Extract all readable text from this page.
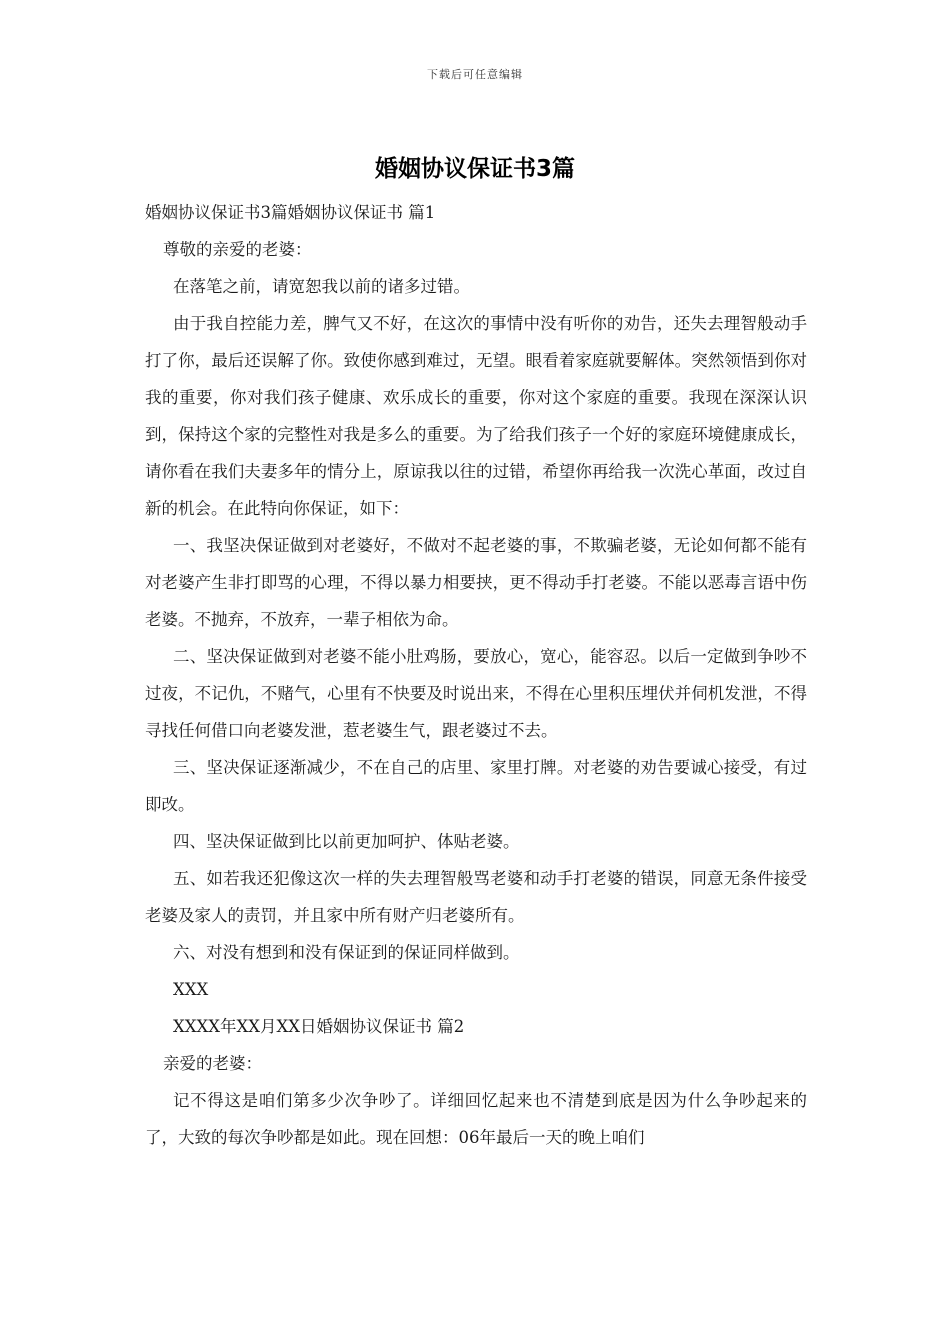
下载后可任意编辑
婚姻协议保证书3篇

婚姻协议保证书3篇婚姻协议保证书 篇1

尊敬的亲爱的老婆：

在落笔之前，请宽恕我以前的诸多过错。

由于我自控能力差，脾气又不好，在这次的事情中没有听你的劝告，还失去理智般动手打了你，最后还误解了你。致使你感到难过，无望。眼看着家庭就要解体。突然领悟到你对我的重要，你对我们孩子健康、欢乐成长的重要，你对这个家庭的重要。我现在深深认识到，保持这个家的完整性对我是多么的重要。为了给我们孩子一个好的家庭环境健康成长，请你看在我们夫妻多年的情分上，原谅我以往的过错，希望你再给我一次洗心革面，改过自新的机会。在此特向你保证，如下：

一、我坚决保证做到对老婆好，不做对不起老婆的事，不欺骗老婆，无论如何都不能有对老婆产生非打即骂的心理，不得以暴力相要挟，更不得动手打老婆。不能以恶毒言语中伤老婆。不抛弃，不放弃，一辈子相依为命。

二、坚决保证做到对老婆不能小肚鸡肠，要放心，宽心，能容忍。以后一定做到争吵不过夜，不记仇，不赌气，心里有不快要及时说出来，不得在心里积压埋伏并伺机发泄，不得寻找任何借口向老婆发泄，惹老婆生气，跟老婆过不去。

三、坚决保证逐渐减少，不在自己的店里、家里打牌。对老婆的劝告要诚心接受，有过即改。

四、坚决保证做到比以前更加呵护、体贴老婆。

五、如若我还犯像这次一样的失去理智般骂老婆和动手打老婆的错误，同意无条件接受老婆及家人的责罚，并且家中所有财产归老婆所有。

六、对没有想到和没有保证到的保证同样做到。

XXX

XXXX年XX月XX日婚姻协议保证书 篇2

亲爱的老婆：

记不得这是咱们第多少次争吵了。详细回忆起来也不清楚到底是因为什么争吵起来的了，大致的每次争吵都是如此。现在回想：06年最后一天的晚上咱们
